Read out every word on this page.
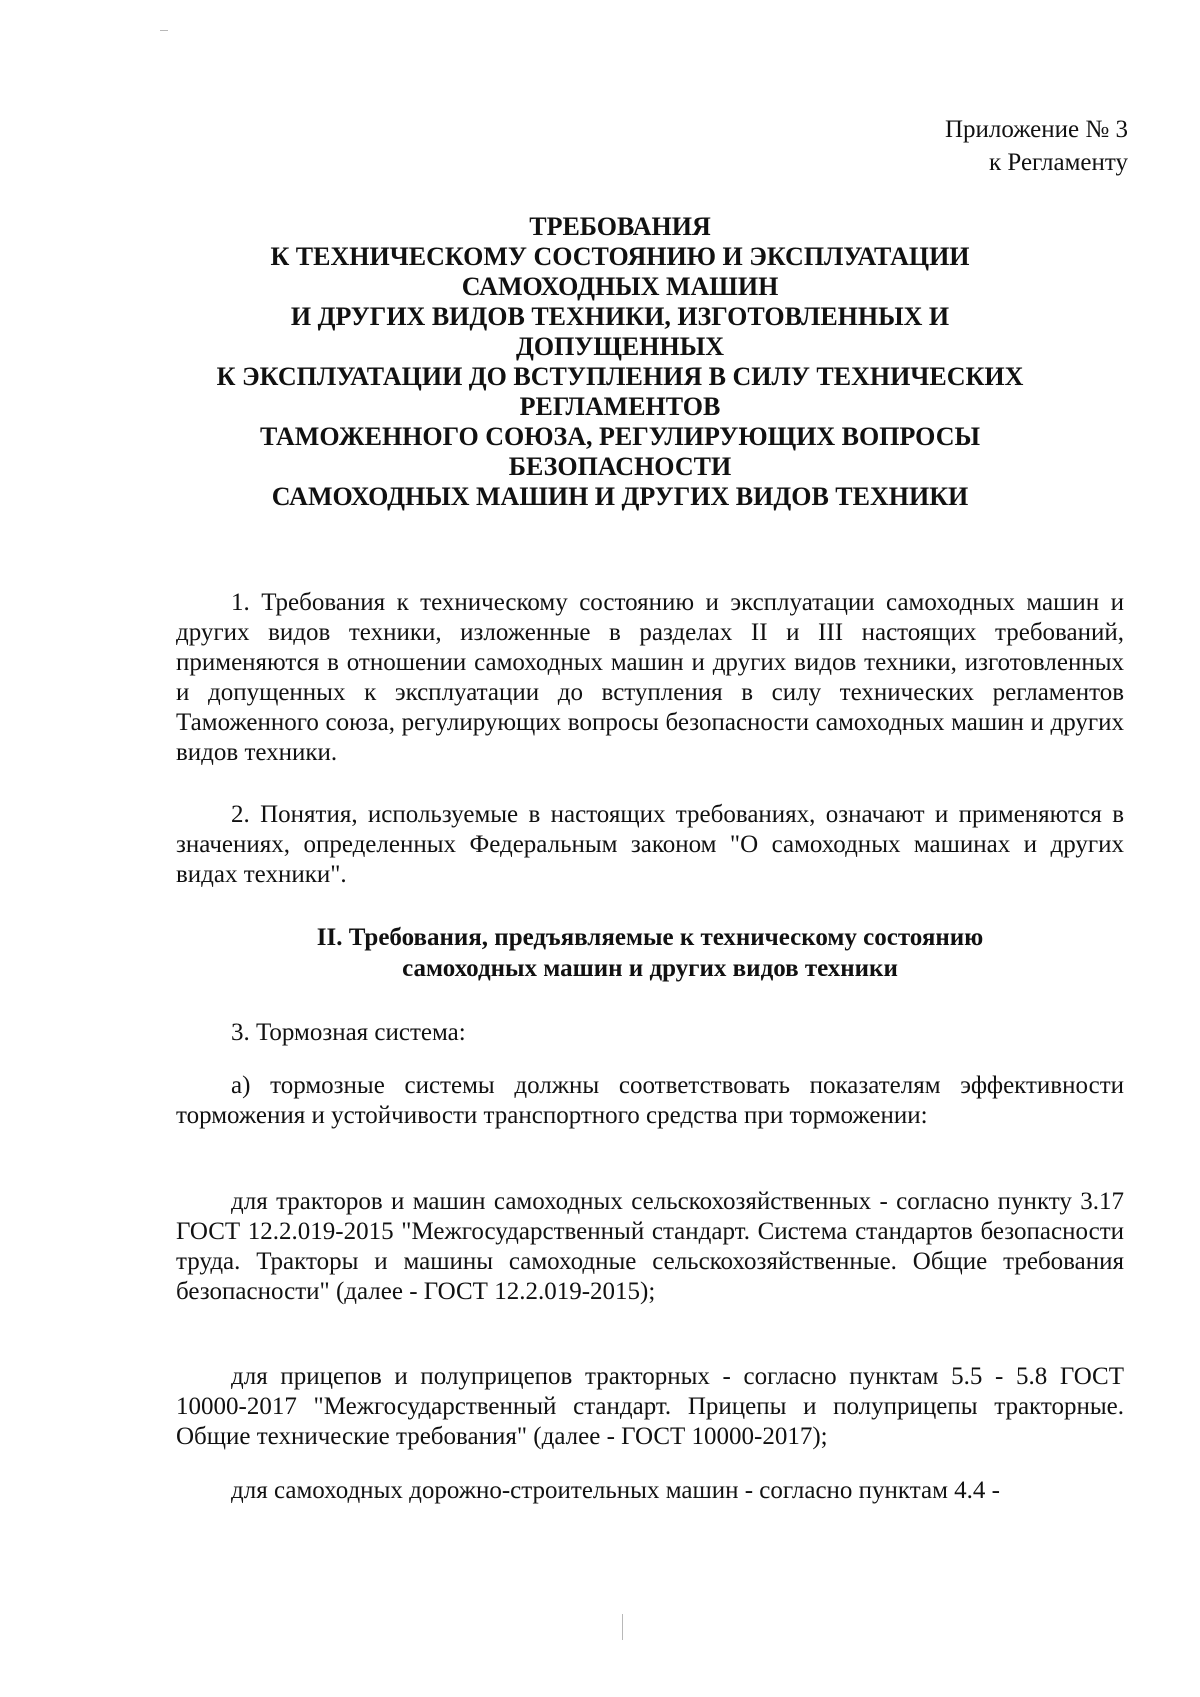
Приложение № 3
к Регламенту
ТРЕБОВАНИЯ
К ТЕХНИЧЕСКОМУ СОСТОЯНИЮ И ЭКСПЛУАТАЦИИ
САМОХОДНЫХ МАШИН
И ДРУГИХ ВИДОВ ТЕХНИКИ, ИЗГОТОВЛЕННЫХ И
ДОПУЩЕННЫХ
К ЭКСПЛУАТАЦИИ ДО ВСТУПЛЕНИЯ В СИЛУ ТЕХНИЧЕСКИХ
РЕГЛАМЕНТОВ
ТАМОЖЕННОГО СОЮЗА, РЕГУЛИРУЮЩИХ ВОПРОСЫ
БЕЗОПАСНОСТИ
САМОХОДНЫХ МАШИН И ДРУГИХ ВИДОВ ТЕХНИКИ

1. Требования к техническому состоянию и эксплуатации самоходных машин и других видов техники, изложенные в разделах II и III настоящих требований, применяются в отношении самоходных машин и других видов техники, изготовленных и допущенных к эксплуатации до вступления в силу технических регламентов Таможенного союза, регулирующих вопросы безопасности самоходных машин и других видов техники.

2. Понятия, используемые в настоящих требованиях, означают и применяются в значениях, определенных Федеральным законом "О самоходных машинах и других видах техники".

II. Требования, предъявляемые к техническому состоянию
самоходных машин и других видов техники

3. Тормозная система:

а) тормозные системы должны соответствовать показателям эффективности торможения и устойчивости транспортного средства при торможении:

для тракторов и машин самоходных сельскохозяйственных - согласно пункту 3.17 ГОСТ 12.2.019-2015 "Межгосударственный стандарт. Система стандартов безопасности труда. Тракторы и машины самоходные сельскохозяйственные. Общие требования безопасности" (далее - ГОСТ 12.2.019-2015);

для прицепов и полуприцепов тракторных - согласно пунктам 5.5 - 5.8 ГОСТ 10000-2017 "Межгосударственный стандарт. Прицепы и полуприцепы тракторные. Общие технические требования" (далее - ГОСТ 10000-2017);

для самоходных дорожно-строительных машин - согласно пунктам 4.4 -
